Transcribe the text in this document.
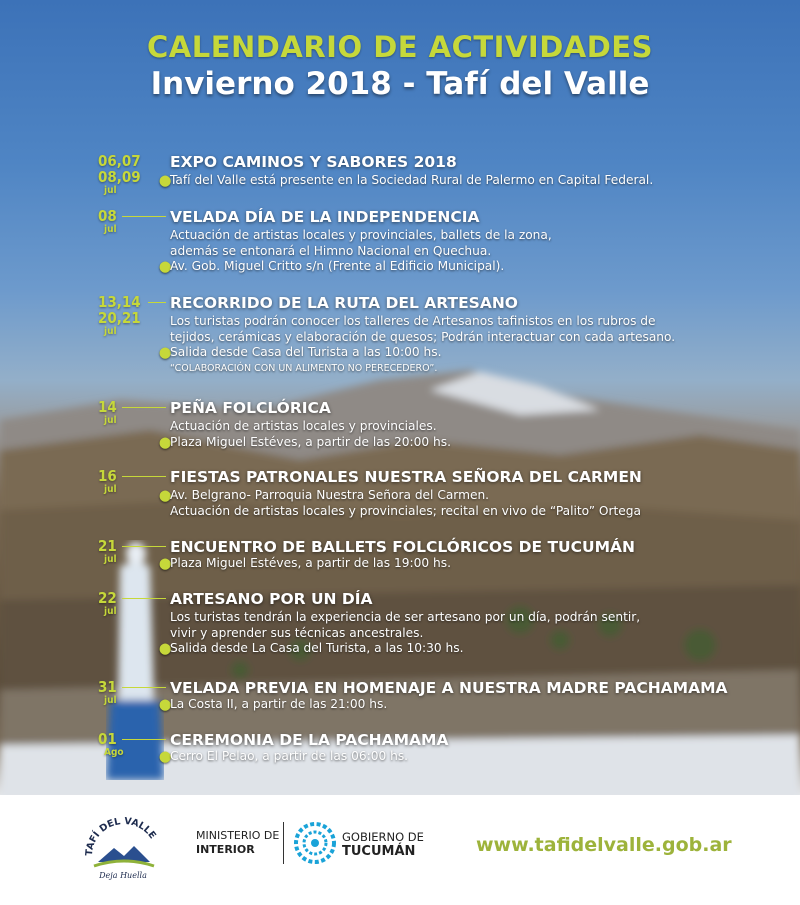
CALENDARIO DE ACTIVIDADES
Invierno 2018 - Tafí del Valle
06,07
08,09
jul
EXPO CAMINOS Y SABORES 2018
⬤Tafí del Valle está presente en la Sociedad Rural de Palermo en Capital Federal.
08
jul
VELADA DÍA DE LA INDEPENDENCIA
Actuación de artistas locales y provinciales, ballets de la zona,
además se entonará el Himno Nacional en Quechua.
⬤Av. Gob. Miguel Critto s/n (Frente al Edificio Municipal).
13,14
20,21
jul
RECORRIDO DE LA RUTA DEL ARTESANO
Los turistas podrán conocer los talleres de Artesanos tafinistos en los rubros de
tejidos, cerámicas y elaboración de quesos; Podrán interactuar con cada artesano.
⬤Salida desde Casa del Turista a las 10:00 hs.
“COLABORACIÓN CON UN ALIMENTO NO PERECEDERO”.
14
jul
PEÑA FOLCLÓRICA
Actuación de artistas locales y provinciales.
⬤Plaza Miguel Estéves, a partir de las 20:00 hs.
16
jul
FIESTAS PATRONALES NUESTRA SEÑORA DEL CARMEN
⬤Av. Belgrano- Parroquia Nuestra Señora del Carmen.
Actuación de artistas locales y provinciales; recital en vivo de “Palito” Ortega
21
jul
ENCUENTRO DE BALLETS FOLCLÓRICOS DE TUCUMÁN
⬤Plaza Miguel Estéves, a partir de las 19:00 hs.
22
jul
ARTESANO POR UN DÍA
Los turistas tendrán la experiencia de ser artesano por un día, podrán sentir,
vivir y aprender sus técnicas ancestrales.
⬤Salida desde La Casa del Turista, a las 10:30 hs.
31
jul
VELADA PREVIA EN HOMENAJE A NUESTRA MADRE PACHAMAMA
⬤La Costa II, a partir de las 21:00 hs.
01
Ago
CEREMONIA DE LA PACHAMAMA
⬤Cerro El Pelao, a partir de las 06:00 hs.
TAFÍ DEL VALLE
Deja Huella
MINISTERIO DE
INTERIOR
GOBIERNO DE
TUCUMÁN	www.tafidelvalle.gob.ar
